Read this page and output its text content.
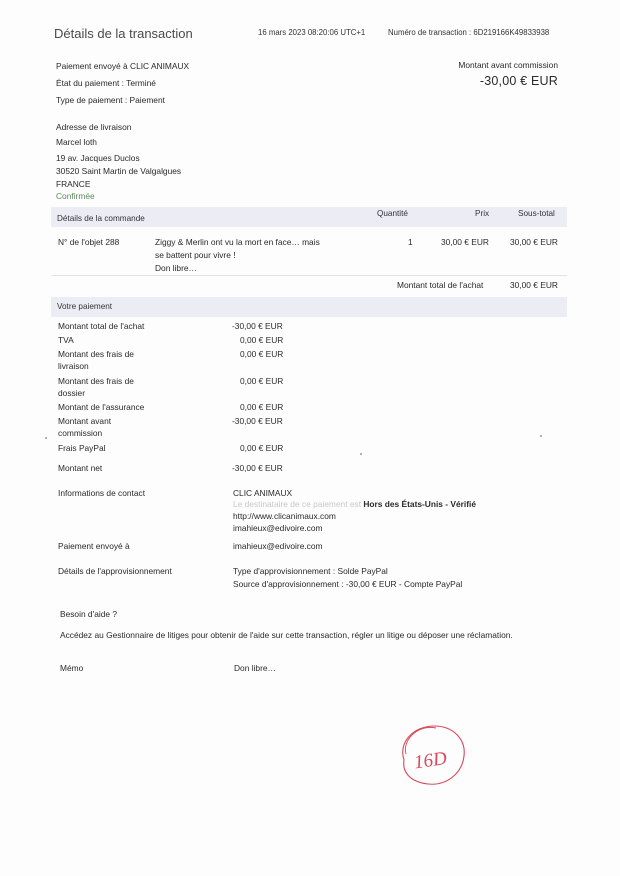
Détails de la transaction	16 mars 2023 08:20:06 UTC+1	Numéro de transaction : 6D219166K49833938
Paiement envoyé à CLIC ANIMAUX
État du paiement : Terminé
Type de paiement : Paiement
Montant avant commission
-30,00 € EUR
Adresse de livraison
Marcel loth
19 av. Jacques Duclos
30520 Saint Martin de Valgalgues
FRANCE
Confirmée
Détails de la commande
Quantité	Prix	Sous-total
N° de l'objet 288	Ziggy & Merlin ont vu la mort en face… mais
se battent pour vivre !
Don libre…
1	30,00 € EUR	30,00 € EUR
Montant total de l'achat	30,00 € EUR
Votre paiement
Montant total de l'achat	-30,00 € EUR
TVA	0,00 € EUR
Montant des frais de
livraison
0,00 € EUR
Montant des frais de
dossier
0,00 € EUR
Montant de l'assurance	0,00 € EUR
Montant avant
commission
-30,00 € EUR
Frais PayPal	0,00 € EUR
Montant net	-30,00 € EUR
Informations de contact	CLIC ANIMAUX
Le destinataire de ce paiement est Hors des États-Unis - Vérifié
http://www.clicanimaux.com
imahieux@edivoire.com
Paiement envoyé à	imahieux@edivoire.com
Détails de l'approvisionnement	Type d'approvisionnement : Solde PayPal
Source d'approvisionnement : -30,00 € EUR - Compte PayPal
Besoin d'aide ?
Accédez au Gestionnaire de litiges pour obtenir de l'aide sur cette transaction, régler un litige ou déposer une réclamation.
Mémo	Don libre…
16D
